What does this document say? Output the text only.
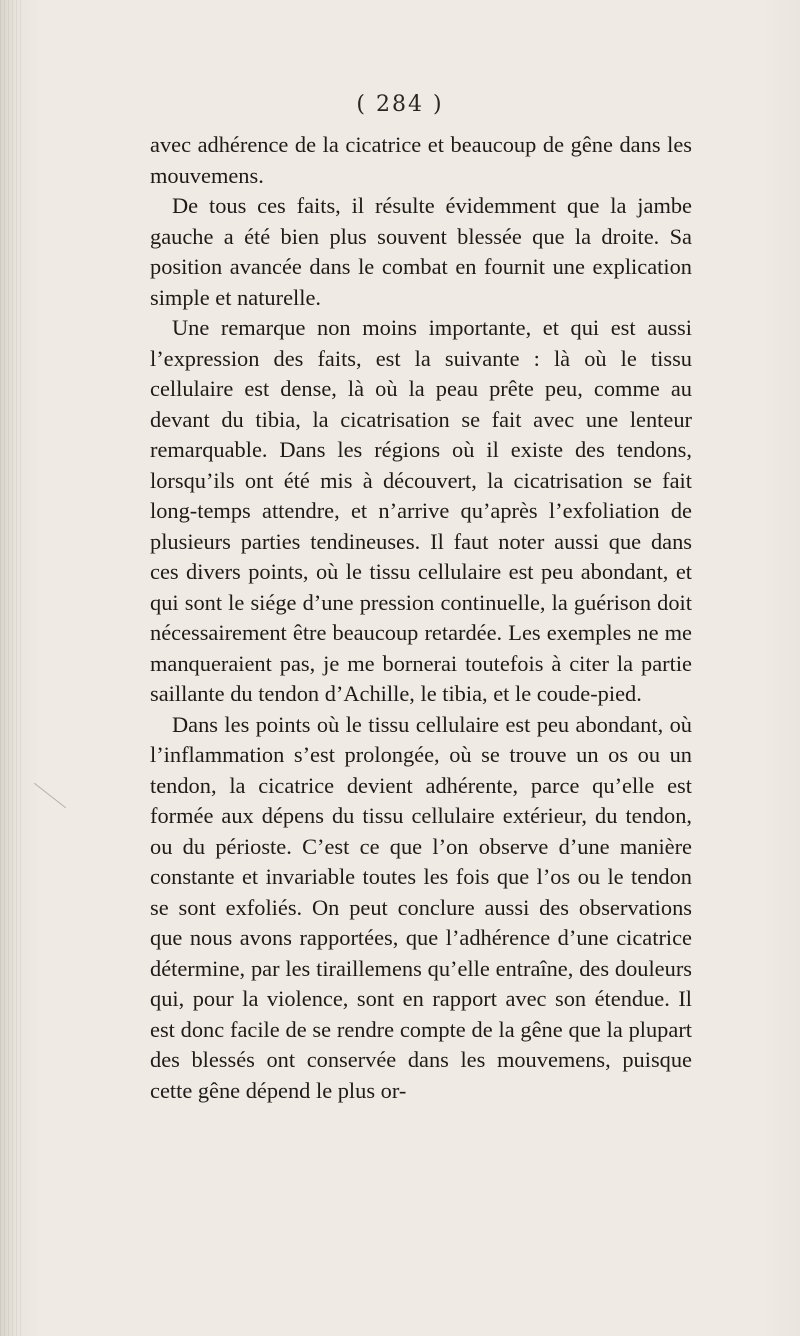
( 284 )

avec adhérence de la cicatrice et beaucoup de gêne dans les mouvemens.

De tous ces faits, il résulte évidemment que la jambe gauche a été bien plus souvent blessée que la droite. Sa position avancée dans le combat en fournit une explication simple et naturelle.

Une remarque non moins importante, et qui est aussi l’expression des faits, est la suivante : là où le tissu cellulaire est dense, là où la peau prête peu, comme au devant du tibia, la cicatrisation se fait avec une lenteur remarquable. Dans les régions où il existe des tendons, lorsqu’ils ont été mis à découvert, la cicatrisation se fait long-temps attendre, et n’arrive qu’après l’exfoliation de plusieurs parties tendineuses. Il faut noter aussi que dans ces divers points, où le tissu cellulaire est peu abondant, et qui sont le siége d’une pression continuelle, la guérison doit nécessairement être beaucoup retardée. Les exemples ne me manqueraient pas, je me bornerai toutefois à citer la partie saillante du tendon d’Achille, le tibia, et le coude-pied.

Dans les points où le tissu cellulaire est peu abondant, où l’inflammation s’est prolongée, où se trouve un os ou un tendon, la cicatrice devient adhérente, parce qu’elle est formée aux dépens du tissu cellulaire extérieur, du tendon, ou du périoste. C’est ce que l’on observe d’une manière constante et invariable toutes les fois que l’os ou le tendon se sont exfoliés. On peut conclure aussi des observations que nous avons rapportées, que l’adhérence d’une cicatrice détermine, par les tiraillemens qu’elle entraîne, des douleurs qui, pour la violence, sont en rapport avec son étendue. Il est donc facile de se rendre compte de la gêne que la plupart des blessés ont conservée dans les mouvemens, puisque cette gêne dépend le plus or-
